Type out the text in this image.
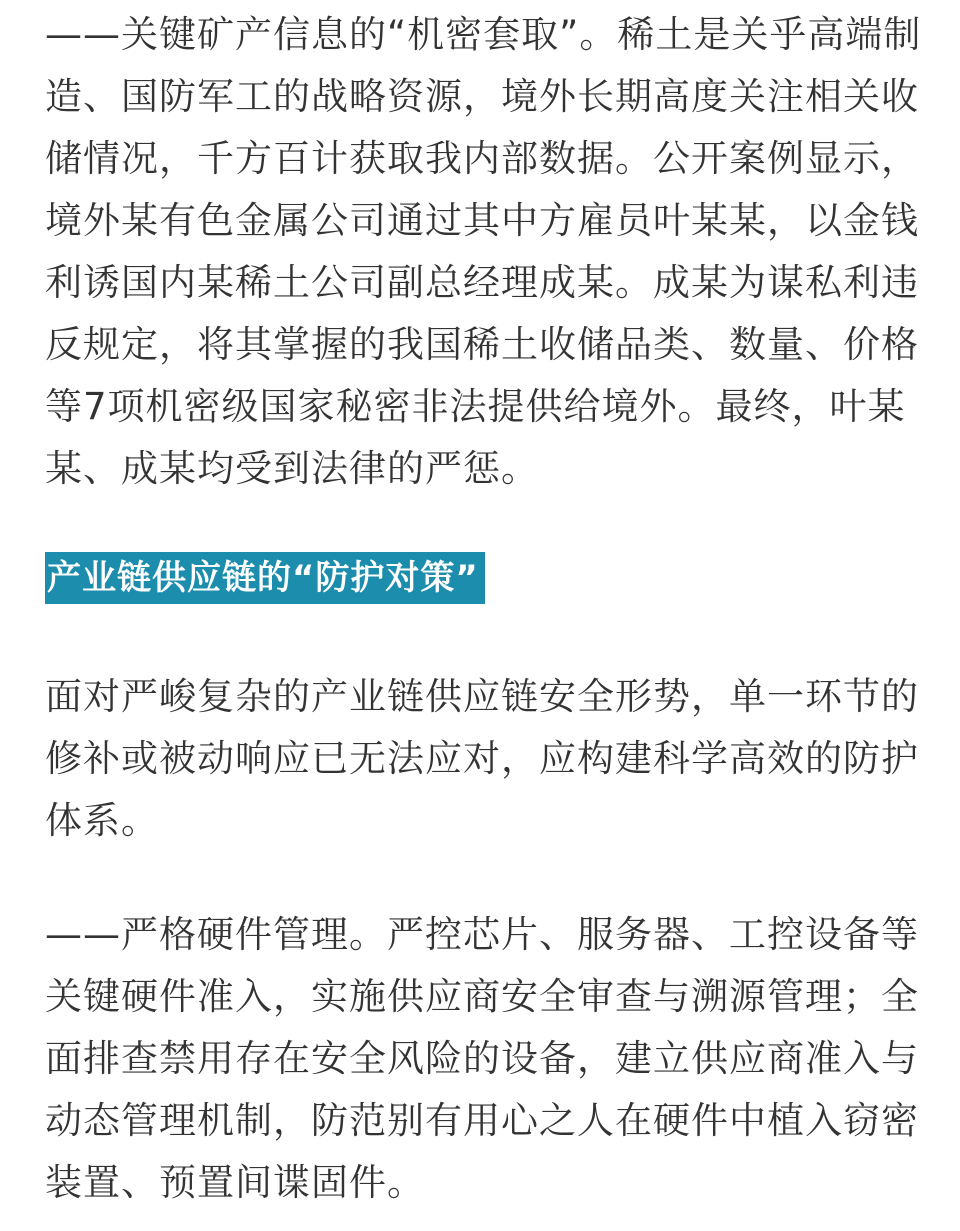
——关键矿产信息的“机密套取”。稀土是关乎高端制
造、国防军工的战略资源，境外长期高度关注相关收
储情况，千方百计获取我内部数据。公开案例显示，
境外某有色金属公司通过其中方雇员叶某某，以金钱
利诱国内某稀土公司副总经理成某。成某为谋私利违
反规定，将其掌握的我国稀土收储品类、数量、价格
等7项机密级国家秘密非法提供给境外。最终，叶某
某、成某均受到法律的严惩。
产业链供应链的“防护对策”
面对严峻复杂的产业链供应链安全形势，单一环节的
修补或被动响应已无法应对，应构建科学高效的防护
体系。
——严格硬件管理。严控芯片、服务器、工控设备等
关键硬件准入，实施供应商安全审查与溯源管理；全
面排查禁用存在安全风险的设备，建立供应商准入与
动态管理机制，防范别有用心之人在硬件中植入窃密
装置、预置间谍固件。
